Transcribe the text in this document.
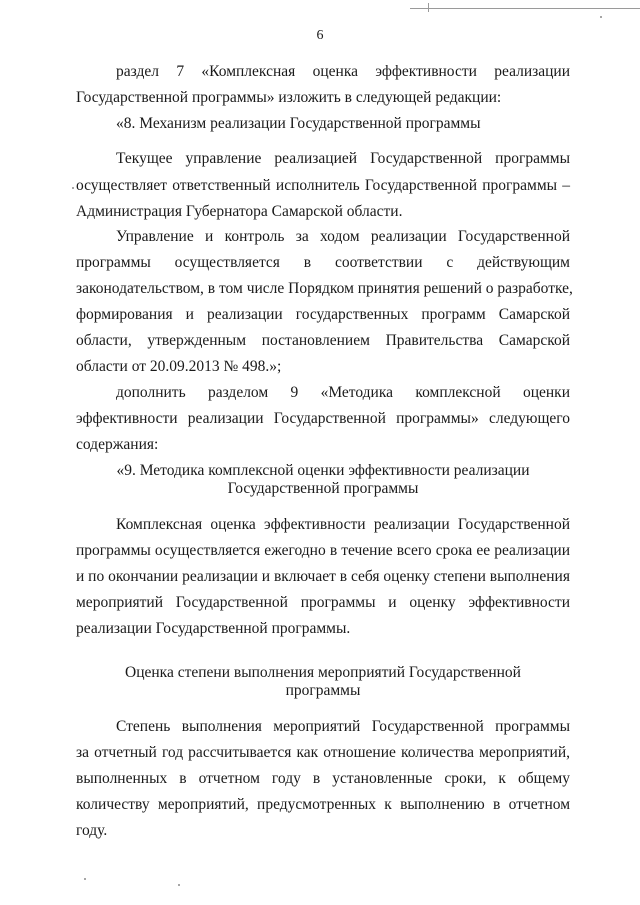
6

раздел 7 «Комплексная оценка эффективности реализации

Государственной программы» изложить в следующей редакции:

«8. Механизм реализации Государственной программы

Текущее управление реализацией Государственной программы

осуществляет ответственный исполнитель Государственной программы –

Администрация Губернатора Самарской области.

Управление и контроль за ходом реализации Государственной

программы осуществляется в соответствии с действующим

законодательством, в том числе Порядком принятия решений о разработке,

формирования и реализации государственных программ Самарской

области, утвержденным постановлением Правительства Самарской

области от 20.09.2013 № 498.»;

дополнить разделом 9 «Методика комплексной оценки

эффективности реализации Государственной программы» следующего

содержания:

«9. Методика комплексной оценки эффективности реализации

Государственной программы

Комплексная оценка эффективности реализации Государственной

программы осуществляется ежегодно в течение всего срока ее реализации

и по окончании реализации и включает в себя оценку степени выполнения

мероприятий Государственной программы и оценку эффективности

реализации Государственной программы.

Оценка степени выполнения мероприятий Государственной

программы

Степень выполнения мероприятий Государственной программы

за отчетный год рассчитывается как отношение количества мероприятий,

выполненных в отчетном году в установленные сроки, к общему

количеству мероприятий, предусмотренных к выполнению в отчетном

году.
